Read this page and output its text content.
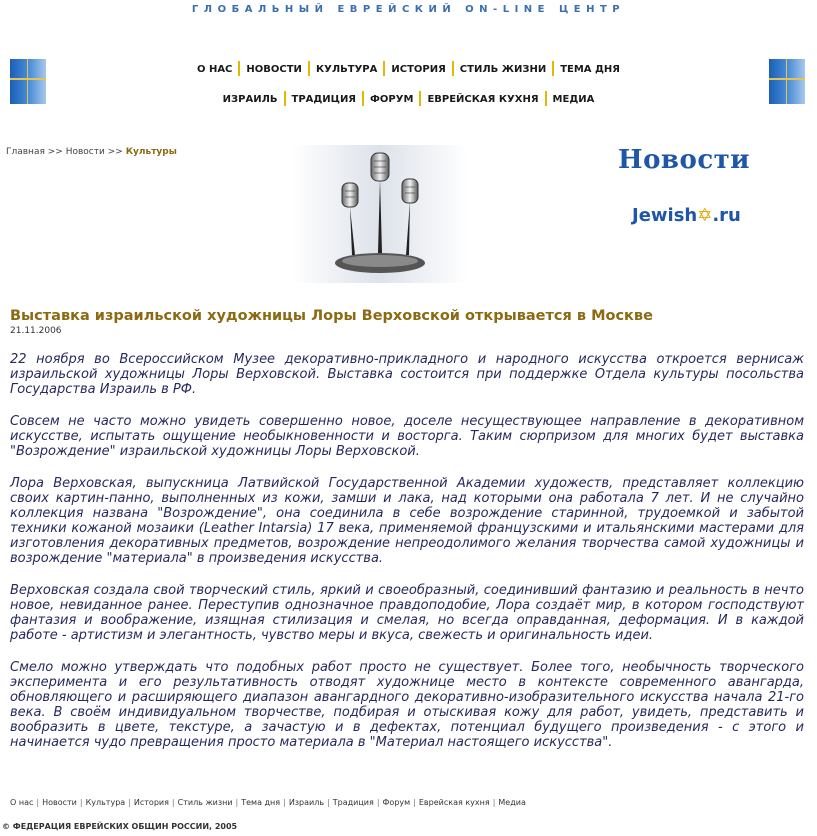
ГЛОБАЛЬНЫЙ ЕВРЕЙСКИЙ ON-LINE ЦЕНТР
О НАС НОВОСТИ КУЛЬТУРА ИСТОРИЯ СТИЛЬ ЖИЗНИ ТЕМА ДНЯ
ИЗРАИЛЬ ТРАДИЦИЯ ФОРУМ ЕВРЕЙСКАЯ КУХНЯ МЕДИА
Главная >> Новости >> Культуры	Новости
Jewish✡.ru
Выставка израильской художницы Лоры Верховской открывается в Москве
21.11.2006

22 ноября во Всероссийском Музее декоративно-прикладного и народного искусства откроется вернисаж израильской художницы Лоры Верховской. Выставка состоится при поддержке Отдела культуры посольства Государства Израиль в РФ.

Совсем не часто можно увидеть совершенно новое, доселе несуществующее направление в декоративном искусстве, испытать ощущение необыкновенности и восторга. Таким сюрпризом для многих будет выставка "Возрождение" израильской художницы Лоры Верховской.

Лора Верховская, выпускница Латвийской Государственной Академии художеств, представляет коллекцию своих картин-панно, выполненных из кожи, замши и лака, над которыми она работала 7 лет. И не случайно коллекция названа "Возрождение", она соединила в себе возрождение старинной, трудоемкой и забытой техники кожаной мозаики (Leather Intarsia) 17 века, применяемой французскими и итальянскими мастерами для изготовления декоративных предметов, возрождение непреодолимого желания творчества самой художницы и возрождение "материала" в произведения искусства.

Верховская создала свой творческий стиль, яркий и своеобразный, соединивший фантазию и реальность в нечто новое, невиданное ранее. Переступив однозначное правдоподобие, Лора создаёт мир, в котором господствуют фантазия и воображение, изящная стилизация и смелая, но всегда оправданная, деформация. И в каждой работе - артистизм и элегантность, чувство меры и вкуса, свежесть и оригинальность идеи.

Смело можно утверждать что подобных работ просто не существует. Более того, необычность творческого эксперимента и его результативность отводят художнице место в контексте современного авангарда, обновляющего и расширяющего диапазон авангардного декоративно-изобразительного искусства начала 21-го века. В своём индивидуальном творчестве, подбирая и отыскивая кожу для работ, увидеть, представить и вообразить в цвете, текстуре, а зачастую и в дефектах, потенциал будущего произведения - с этого и начинается чудо превращения просто материала в "Материал настоящего искусства".

О нас | Новости | Культура | История | Стиль жизни | Тема дня | Израиль | Традиция | Форум | Еврейская кухня | Медиа
© ФЕДЕРАЦИЯ ЕВРЕЙСКИХ ОБЩИН РОССИИ, 2005
